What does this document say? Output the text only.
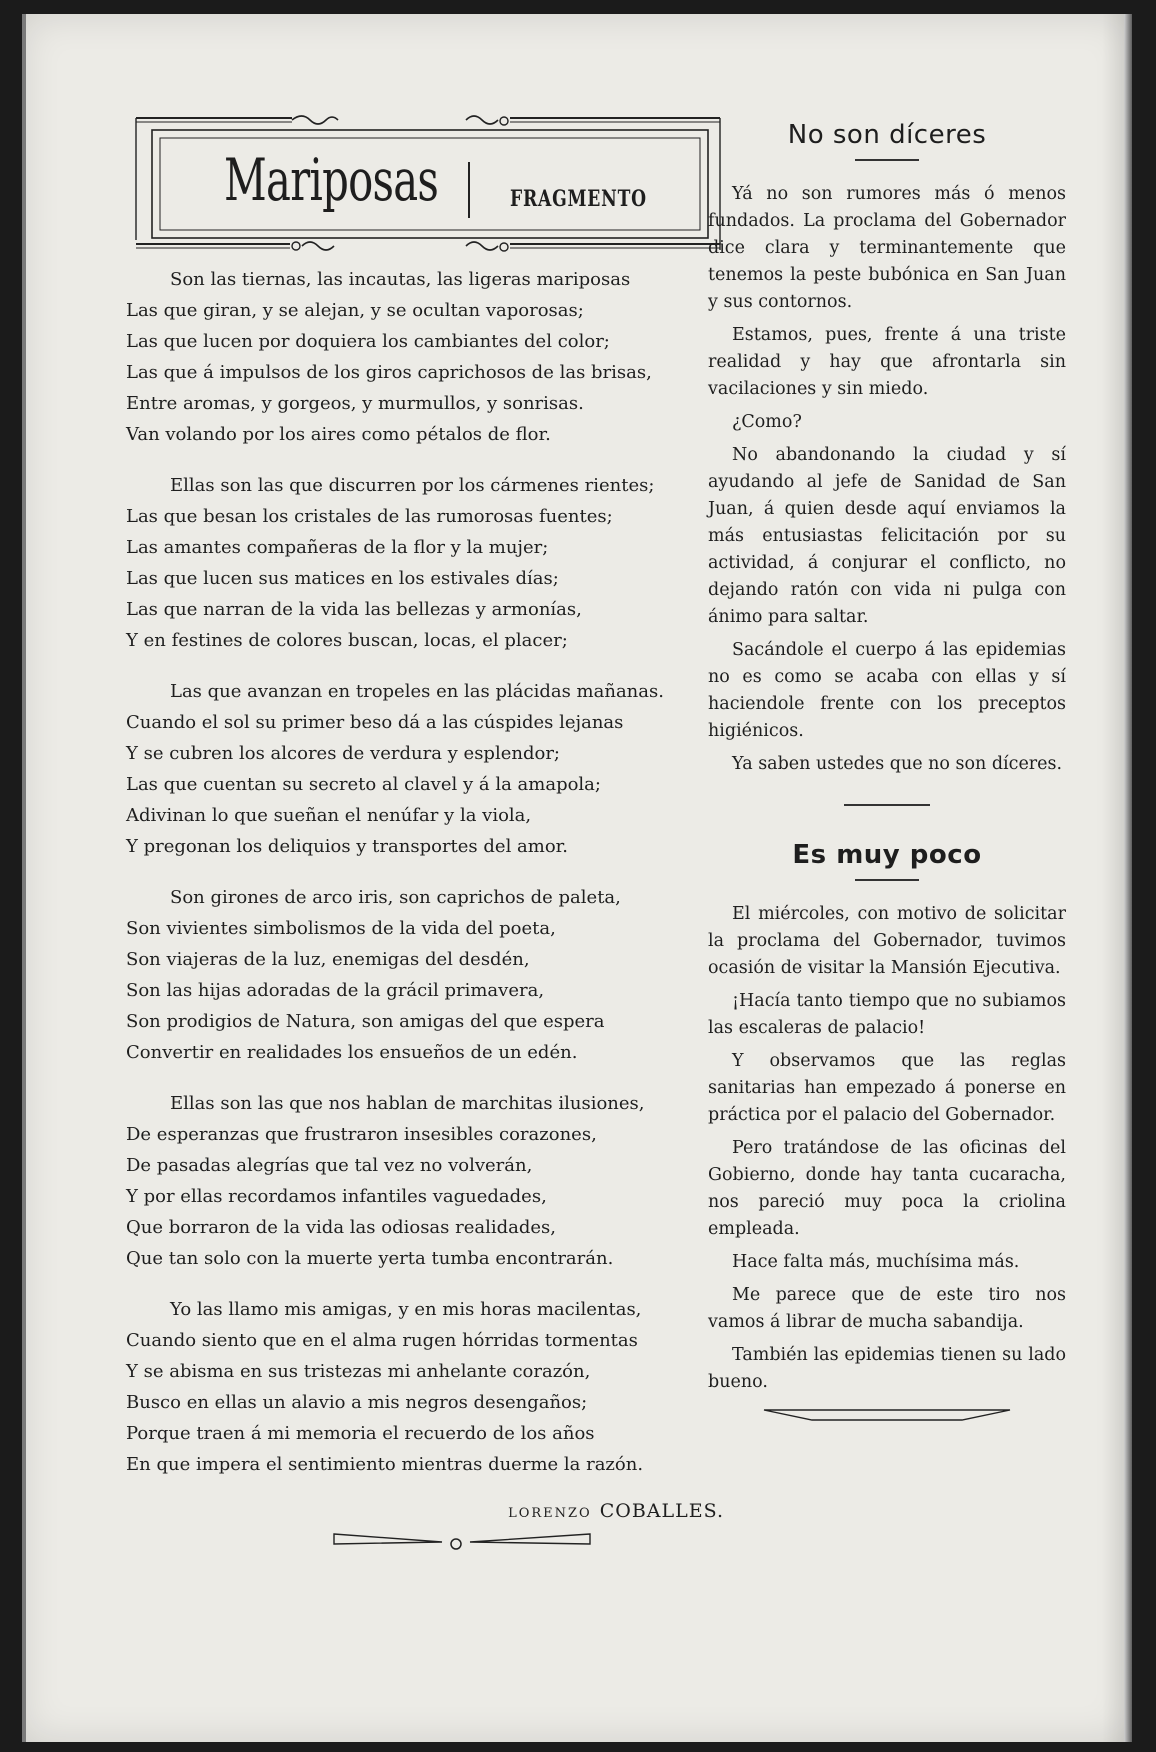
Mariposas	FRAGMENTO
Son las tiernas, las incautas, las ligeras mariposas
Las que giran, y se alejan, y se ocultan vaporosas;
Las que lucen por doquiera los cambiantes del color;
Las que á impulsos de los giros caprichosos de las brisas,
Entre aromas, y gorgeos, y murmullos, y sonrisas.
Van volando por los aires como pétalos de flor.
Ellas son las que discurren por los cármenes rientes;
Las que besan los cristales de las rumorosas fuentes;
Las amantes compañeras de la flor y la mujer;
Las que lucen sus matices en los estivales días;
Las que narran de la vida las bellezas y armonías,
Y en festines de colores buscan, locas, el placer;
Las que avanzan en tropeles en las plácidas mañanas.
Cuando el sol su primer beso dá a las cúspides lejanas
Y se cubren los alcores de verdura y esplendor;
Las que cuentan su secreto al clavel y á la amapola;
Adivinan lo que sueñan el nenúfar y la viola,
Y pregonan los deliquios y transportes del amor.
Son girones de arco iris, son caprichos de paleta,
Son vivientes simbolismos de la vida del poeta,
Son viajeras de la luz, enemigas del desdén,
Son las hijas adoradas de la grácil primavera,
Son prodigios de Natura, son amigas del que espera
Convertir en realidades los ensueños de un edén.
Ellas son las que nos hablan de marchitas ilusiones,
De esperanzas que frustraron insesibles corazones,
De pasadas alegrías que tal vez no volverán,
Y por ellas recordamos infantiles vaguedades,
Que borraron de la vida las odiosas realidades,
Que tan solo con la muerte yerta tumba encontrarán.
Yo las llamo mis amigas, y en mis horas macilentas,
Cuando siento que en el alma rugen hórridas tormentas
Y se abisma en sus tristezas mi anhelante corazón,
Busco en ellas un alavio a mis negros desengaños;
Porque traen á mi memoria el recuerdo de los años
En que impera el sentimiento mientras duerme la razón.
LORENZO COBALLES.
No son díceres

Yá no son rumores más ó menos fundados. La proclama del Gobernador dice clara y terminantemente que tenemos la peste bubónica en San Juan y sus contornos.

Estamos, pues, frente á una triste realidad y hay que afrontarla sin vacilaciones y sin miedo.

¿Como?

No abandonando la ciudad y sí ayudando al jefe de Sanidad de San Juan, á quien desde aquí enviamos la más entusiastas felicitación por su actividad, á conjurar el conflicto, no dejando ratón con vida ni pulga con ánimo para saltar.

Sacándole el cuerpo á las epidemias no es como se acaba con ellas y sí haciendole frente con los preceptos higiénicos.

Ya saben ustedes que no son díceres.

Es muy poco

El miércoles, con motivo de solicitar la proclama del Gobernador, tuvimos ocasión de visitar la Mansión Ejecutiva.

¡Hacía tanto tiempo que no subiamos las escaleras de palacio!

Y observamos que las reglas sanitarias han empezado á ponerse en práctica por el palacio del Gobernador.

Pero tratándose de las oficinas del Gobierno, donde hay tanta cucaracha, nos pareció muy poca la criolina empleada.

Hace falta más, muchísima más.

Me parece que de este tiro nos vamos á librar de mucha sabandija.

También las epidemias tienen su lado bueno.
